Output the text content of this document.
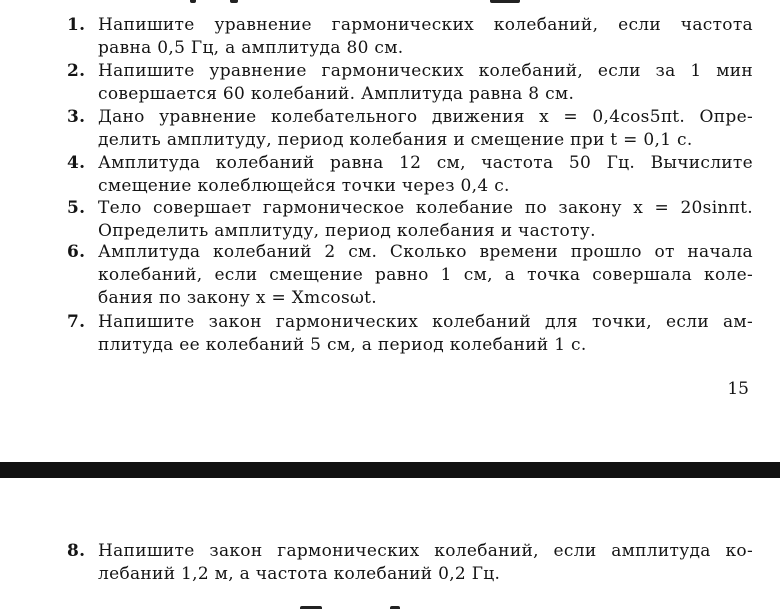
1. Напишите уравнение гармонических колебаний, если частота
равна 0,5 Гц, а амплитуда 80 см.
2. Напишите уравнение гармонических колебаний, если за 1 мин
совершается 60 колебаний. Амплитуда равна 8 см.
3. Дано уравнение колебательного движения x = 0,4cos5πt. Опре-
делить амплитуду, период колебания и смещение при t = 0,1 с.
4. Амплитуда колебаний равна 12 см, частота 50 Гц. Вычислите
смещение колеблющейся точки через 0,4 с.
5. Тело совершает гармоническое колебание по закону x = 20sinπt.
Определить амплитуду, период колебания и частоту.
6. Амплитуда колебаний 2 см. Сколько времени прошло от начала
колебаний, если смещение равно 1 см, а точка совершала коле-
бания по закону x = Xmcosωt.
7. Напишите закон гармонических колебаний для точки, если ам-
плитуда ее колебаний 5 см, а период колебаний 1 с.
15
8. Напишите закон гармонических колебаний, если амплитуда ко-
лебаний 1,2 м, а частота колебаний 0,2 Гц.
